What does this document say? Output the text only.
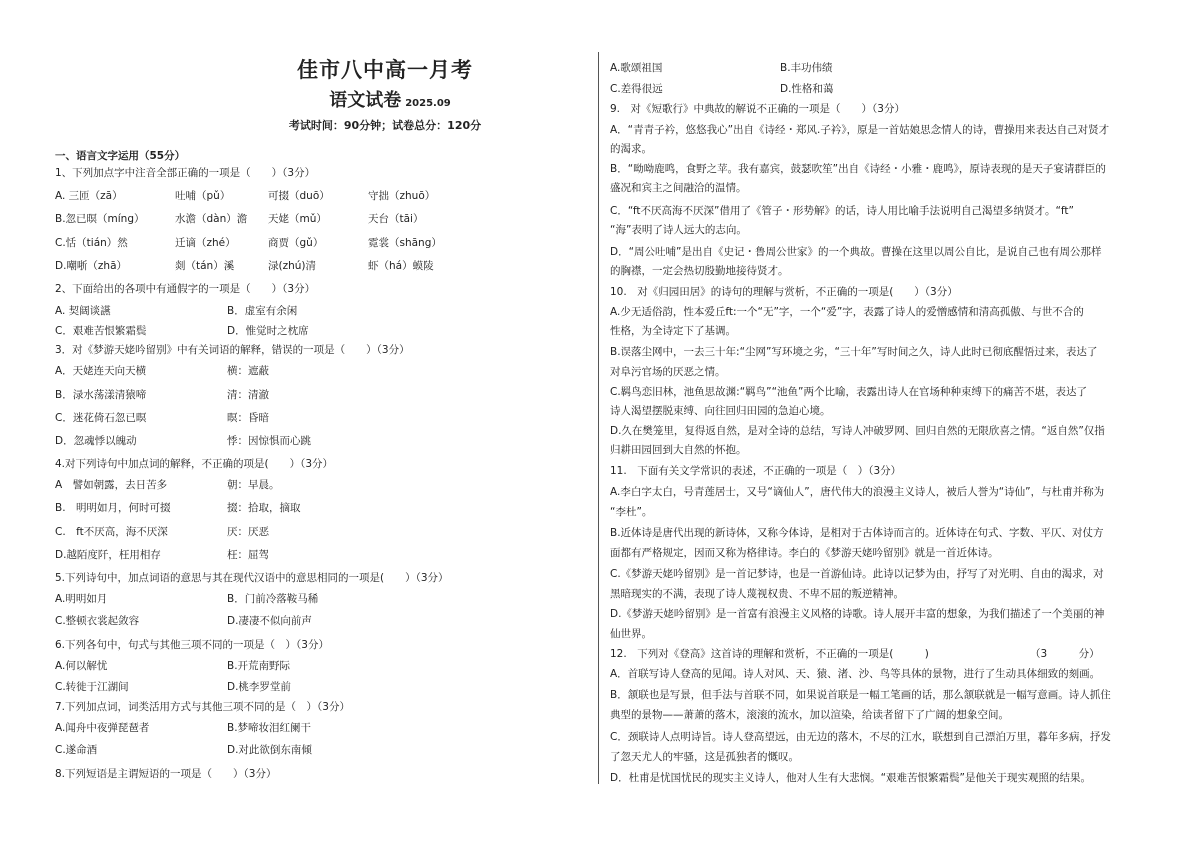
佳市八中高一月考
语文试卷 2025.09
考试时间：90分钟；试卷总分：120分
一、语言文字运用（55分）
1、下列加点字中注音全部正确的一项是（　　）（3分）
A. 三匝（zā）	吐哺（pǔ）	可掇（duō）	守拙（zhuō）
B.忽已暝（míng）	水澹（dàn）澹 天姥（mǔ）	天台（tāi）
C.恬（tián）然	迁谪（zhé）	商贾（gǔ）	霓裳（shāng）
D.嘲哳（zhā）	剡（tán）溪	渌(zhú)清	虾（há）蟆陵
2、下面给出的各项中有通假字的一项是（　　）（3分）
A. 契阔谈讌	B．虚室有余闲
C．艰难苦恨繁霜鬓	D．惟觉时之枕席
3．对《梦游天姥吟留别》中有关词语的解释，错误的一项是（　　）（3分）
A．天姥连天向天横	横：遮蔽
B．渌水荡漾清猿啼	清：清澈
C．迷花倚石忽已暝	暝：昏暗
D．忽魂悸以魄动	悸：因惊惧而心跳
4.对下列诗句中加点词的解释，不正确的项是(　　）（3分）
A　譬如朝露，去日苦多	朝：早晨。
B.　明明如月，何时可掇	掇：拾取，摘取
C.　ft不厌高，海不厌深	厌：厌恶
D.越陌度阡，枉用相存	枉：屈驾
5.下列诗句中，加点词语的意思与其在现代汉语中的意思相同的一项是(　　）（3分）
A.明明如月	B．门前冷落鞍马稀
C.整顿衣裳起敛容	D.凄凄不似向前声
6.下列各句中，句式与其他三项不同的一项是（　）（3分）
A.何以解忧	B.开荒南野际
C.转徙于江湖间	D.桃李罗堂前
7.下列加点词，词类活用方式与其他三项不同的是（　）（3分）
A.闻舟中夜弹琵琶者	B.梦啼妆泪红阑干
C.遂命酒	D.对此欲倒东南倾
8.下列短语是主谓短语的一项是（　　）（3分）
A.歌颂祖国	B.丰功伟绩
C.差得很远	D.性格和蔼
9.　对《短歌行》中典故的解说不正确的一项是（　　）（3分）
A．“青青子衿，悠悠我心”出自《诗经・郑风.子衿》，原是一首姑娘思念情人的诗，曹操用来表达自己对贤才
的渴求。
B．“呦呦鹿鸣，食野之苹。我有嘉宾，鼓瑟吹笙”出自《诗经・小雅・鹿鸣》，原诗表现的是天子宴请群臣的
盛况和宾主之间融洽的温情。
C．“ft不厌高海不厌深”借用了《管子・形势解》的话，诗人用比喻手法说明自己渴望多纳贤才。“ft”
“海”表明了诗人远大的志向。
D．“周公吐哺”是出自《史记・鲁周公世家》的一个典故。曹操在这里以周公自比，是说自己也有周公那样
的胸襟，一定会热切殷勤地接待贤才。
10.　对《归园田居》的诗句的理解与赏析，不正确的一项是(　　）（3分）
A.少无适俗韵，性本爱丘ft:一个“无”字，一个“爱”字，表露了诗人的爱憎感情和清高孤傲、与世不合的
性格，为全诗定下了基调。
B.误落尘网中，一去三十年:“尘网”写环境之劣，“三十年”写时间之久，诗人此时已彻底醒悟过来，表达了
对阜污官场的厌恶之情。
C.羁鸟恋旧林，池鱼思故渊:“羁鸟”“池鱼”两个比喻，表露出诗人在官场种种束缚下的痛苦不堪，表达了
诗人渴望摆脱束缚、向往回归田园的急迫心境。
D.久在樊笼里，复得返自然，是对全诗的总结，写诗人冲破罗网、回归自然的无限欣喜之情。“返自然”仅指
归耕田园回到大自然的怀抱。
11.　下面有关文学常识的表述，不正确的一项是（　）（3分）
A.李白字太白，号青莲居士，又号“谪仙人”，唐代伟大的浪漫主义诗人，被后人誉为“诗仙”，与杜甫并称为
“李杜”。
B.近体诗是唐代出现的新诗体，又称今体诗，是相对于古体诗而言的。近体诗在句式、字数、平仄、对仗方
面都有严格规定，因而又称为格律诗。李白的《梦游天姥吟留别》就是一首近体诗。
C.《梦游天姥吟留别》是一首记梦诗，也是一首游仙诗。此诗以记梦为由，抒写了对光明、自由的渴求，对
黑暗现实的不满，表现了诗人蔑视权贵、不卑不屈的叛逆精神。
D.《梦游天姥吟留别》是一首富有浪漫主义风格的诗歌。诗人展开丰富的想象，为我们描述了一个美丽的神
仙世界。
12.　下列对《登高》这首诗的理解和赏析，不正确的一项是(　　　)	（3　　　分）
A．首联写诗人登高的见闻。诗人对风、天、猿、渚、沙、鸟等具体的景物，进行了生动具体细致的刻画。
B．颔联也是写景，但手法与首联不同，如果说首联是一幅工笔画的话，那么颔联就是一幅写意画。诗人抓住
典型的景物——萧萧的落木，滚滚的流水，加以渲染，给读者留下了广阔的想象空间。
C．颈联诗人点明诗旨。诗人登高望远，由无边的落木，不尽的江水，联想到自己漂泊万里，暮年多病，抒发
了忽天尤人的牢骚，这是孤独者的慨叹。
D．杜甫是忧国忧民的现实主义诗人，他对人生有大悲悯。“艰难苦恨繁霜鬓”是他关于现实观照的结果。
